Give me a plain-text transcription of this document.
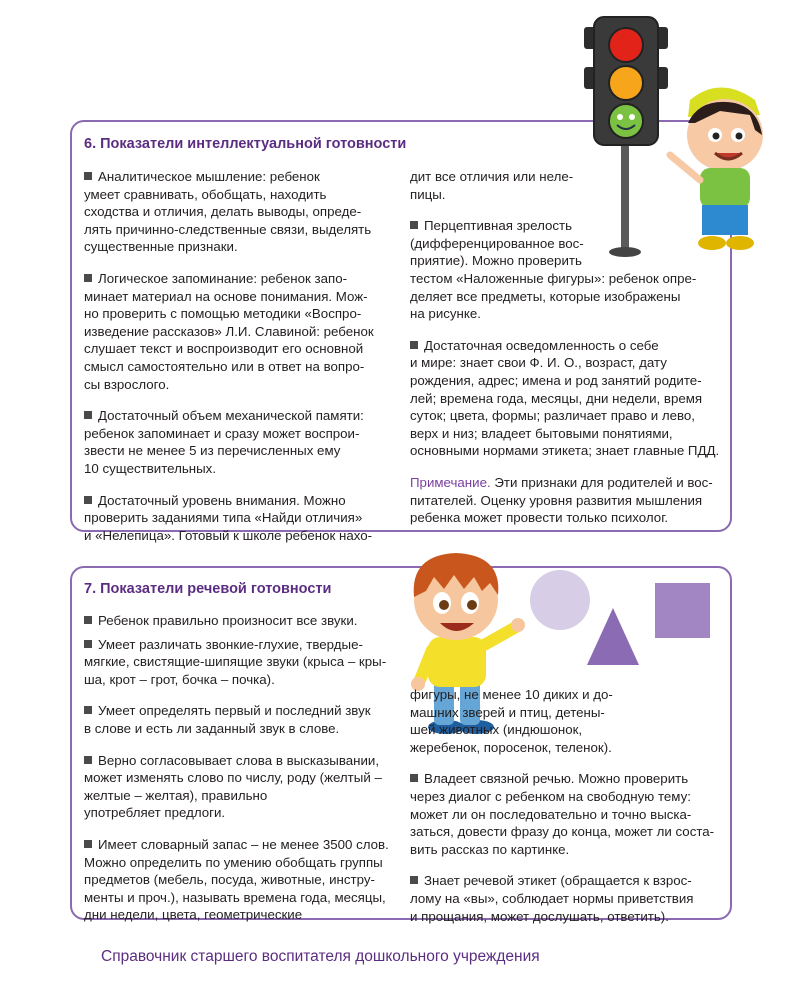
6. Показатели интеллектуальной готовности

Аналитическое мышление: ребенок
умеет сравнивать, обобщать, находить
сходства и отличия, делать выводы, опреде-
лять причинно-следственные связи, выделять
существенные признаки.

Логическое запоминание: ребенок запо-
минает материал на основе понимания. Мож-
но проверить с помощью методики «Воспро-
изведение рассказов» Л.И. Славиной: ребенок
слушает текст и воспроизводит его основной
смысл самостоятельно или в ответ на вопро-
сы взрослого.

Достаточный объем механической памяти:
ребенок запоминает и сразу может воспрои-
звести не менее 5 из перечисленных ему
10 существительных.

Достаточный уровень внимания. Можно
проверить заданиями типа «Найди отличия»
и «Нелепица». Готовый к школе ребенок нахо-

дит все отличия или неле-
пицы.

Перцептивная зрелость
(дифференцированное вос-
приятие). Можно проверить
тестом «Наложенные фигуры»: ребенок опре-
деляет все предметы, которые изображены
на рисунке.

Достаточная осведомленность о себе
и мире: знает свои Ф. И. О., возраст, дату
рождения, адрес; имена и род занятий родите-
лей; времена года, месяцы, дни недели, время
суток; цвета, формы; различает право и лево,
верх и низ; владеет бытовыми понятиями,
основными нормами этикета; знает главные ПДД.

Примечание. Эти признаки для родителей и вос-
питателей. Оценку уровня развития мышления
ребенка может провести только психолог.

7. Показатели речевой готовности

Ребенок правильно произносит все звуки.

Умеет различать звонкие-глухие, твердые-
мягкие, свистящие-шипящие звуки (крыса – кры-
ша, крот – грот, бочка – почка).

Умеет определять первый и последний звук
в слове и есть ли заданный звук в слове.

Верно согласовывает слова в высказывании,
может изменять слово по числу, роду (желтый –
желтые – желтая), правильно
употребляет предлоги.

Имеет словарный запас – не менее 3500 слов.
Можно определить по умению обобщать группы
предметов (мебель, посуда, животные, инстру-
менты и проч.), называть времена года, месяцы,
дни недели, цвета, геометрические

фигуры, не менее 10 диких и до-
машних зверей и птиц, детены-
шей животных (индюшонок,
жеребенок, поросенок, теленок).

Владеет связной речью. Можно проверить
через диалог с ребенком на свободную тему:
может ли он последовательно и точно выска-
заться, довести фразу до конца, может ли соста-
вить рассказ по картинке.

Знает речевой этикет (обращается к взрос-
лому на «вы», соблюдает нормы приветствия
и прощания, может дослушать, ответить).

Справочник старшего воспитателя дошкольного учреждения
